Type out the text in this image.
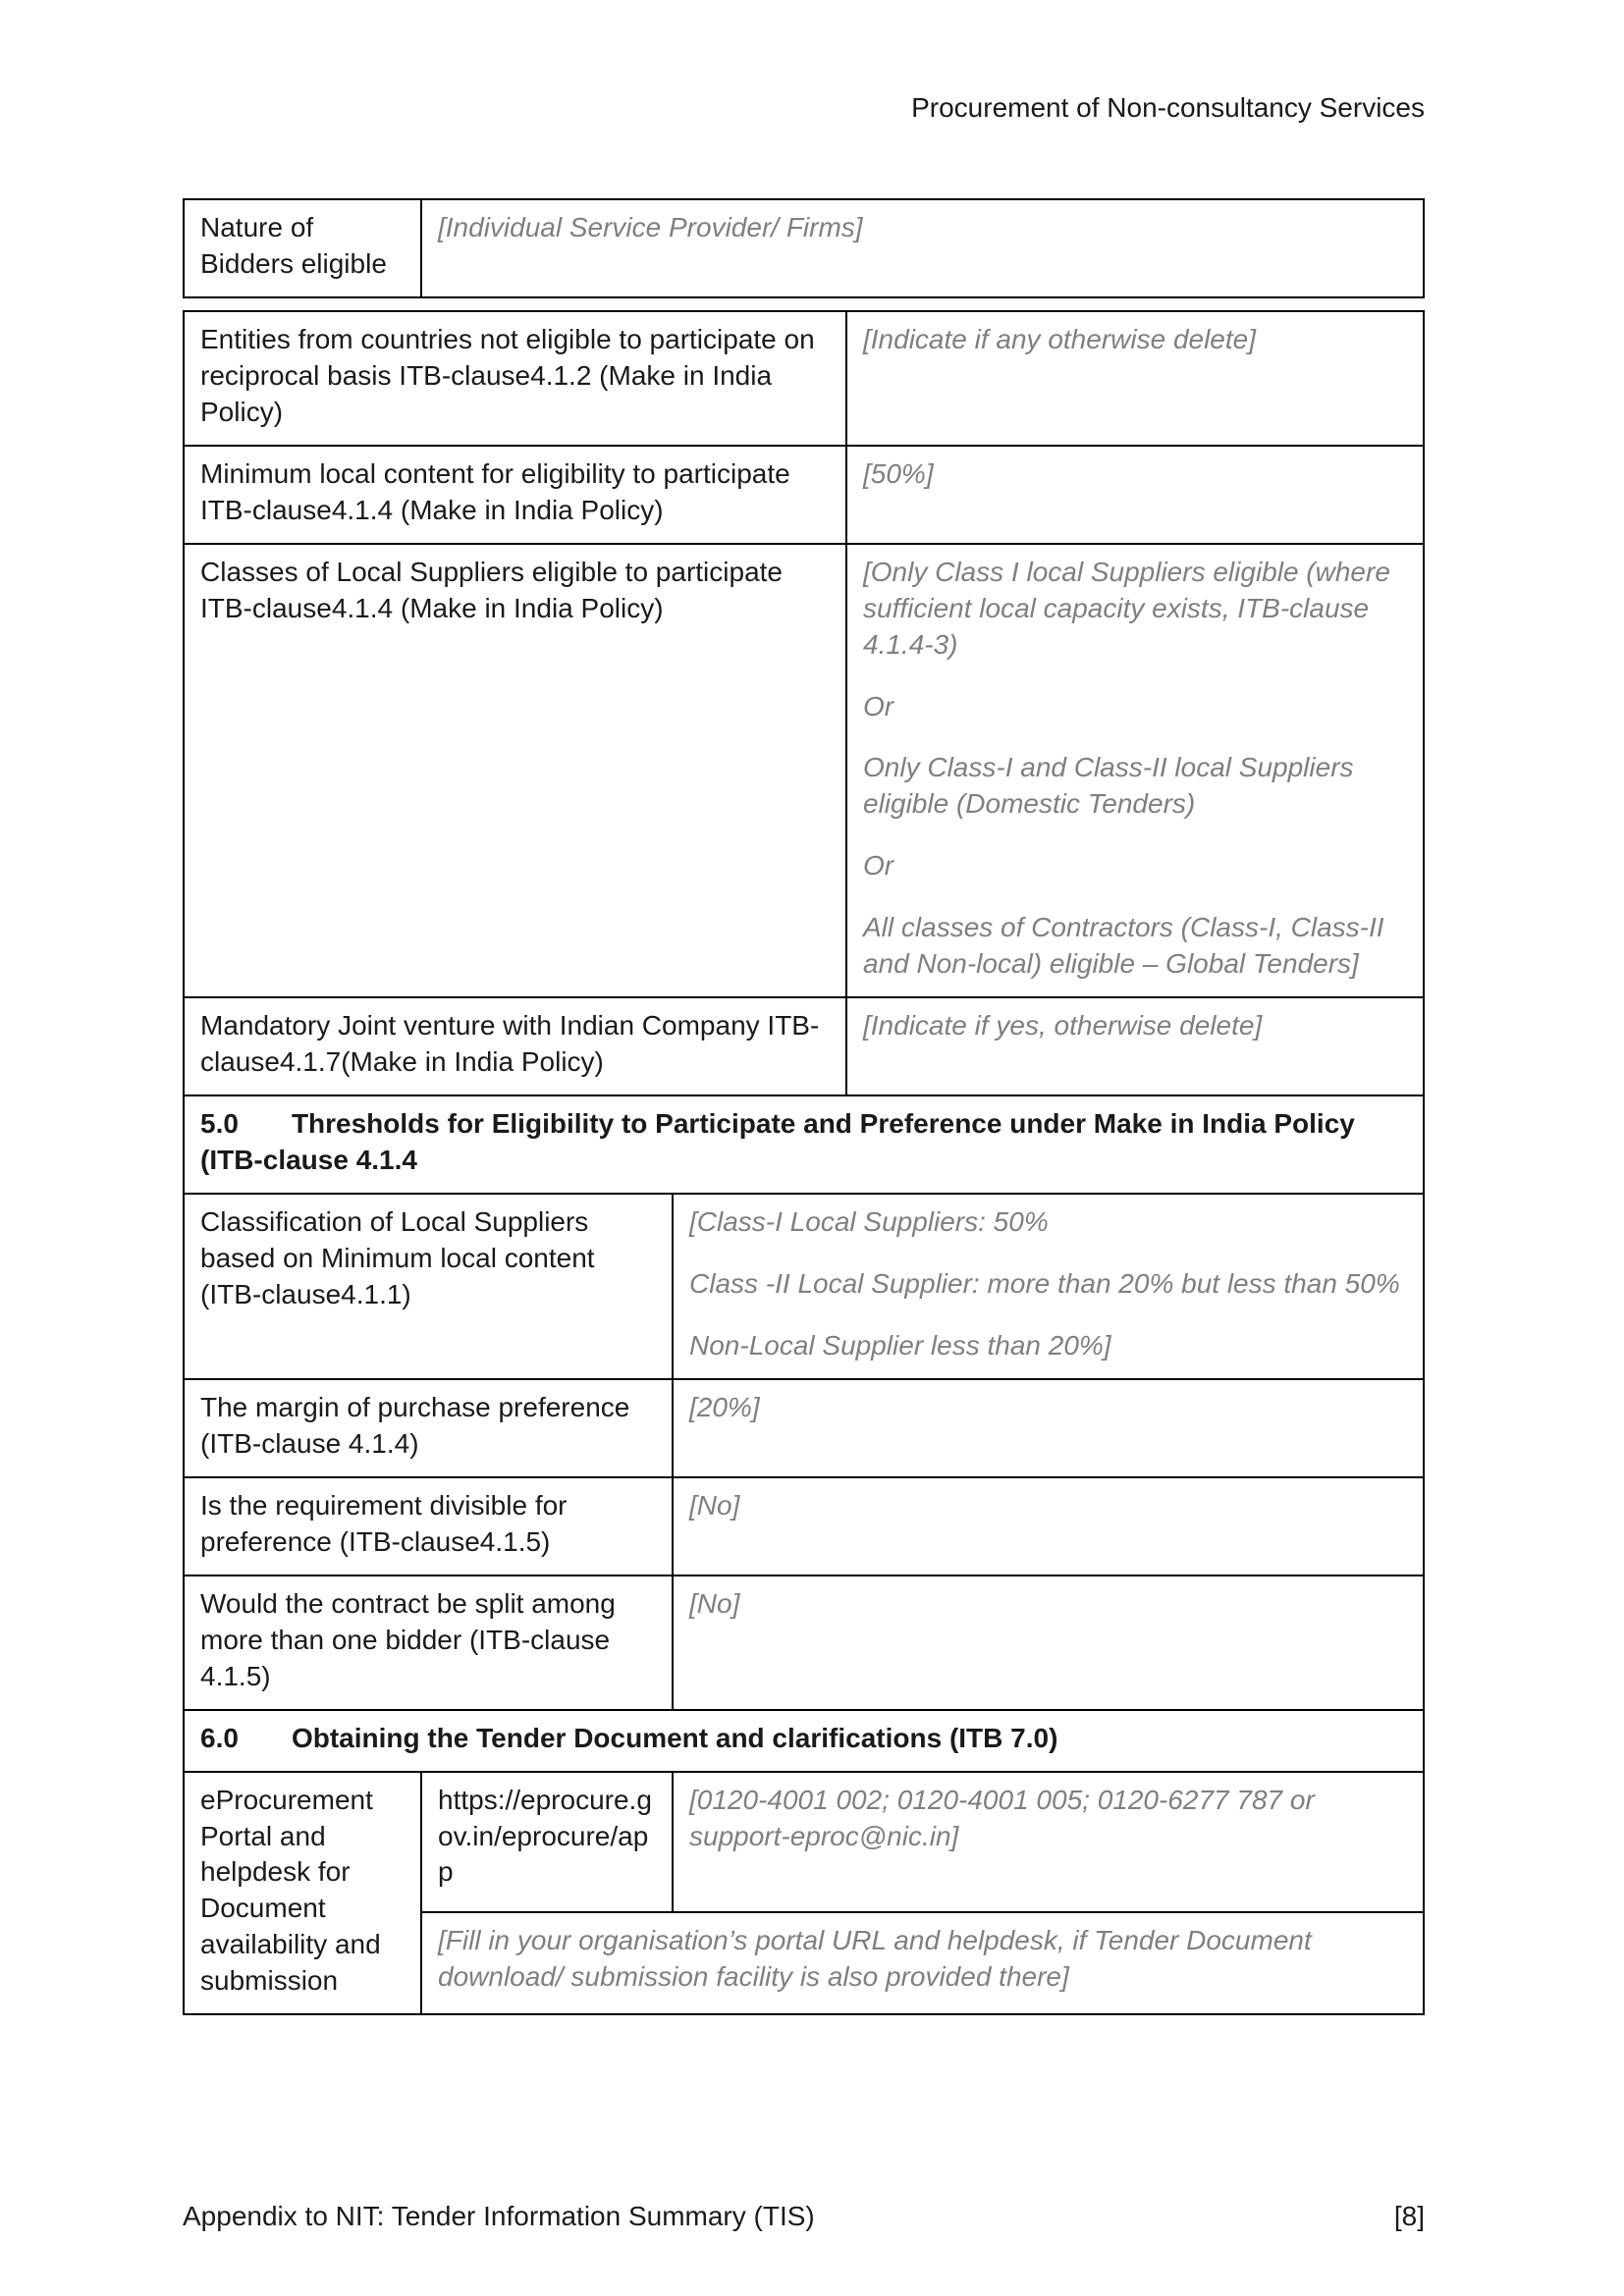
Procurement of Non-consultancy Services
Nature of Bidders eligible	[Individual Service Provider/ Firms]
Entities from countries not eligible to participate on reciprocal basis ITB-clause4.1.2 (Make in India Policy)			[Indicate if any otherwise delete]
Minimum local content for eligibility to participate ITB-clause4.1.4 (Make in India Policy)			[50%]
Classes of Local Suppliers eligible to participate ITB-clause4.1.4 (Make in India Policy)			[Only Class I local Suppliers eligible (where sufficient local capacity exists, ITB-clause 4.1.4-3)

Or

Only Class-I and Class-II local Suppliers eligible (Domestic Tenders)

Or

All classes of Contractors (Class-I, Class-II and Non-local) eligible – Global Tenders]

Mandatory Joint venture with Indian Company ITB-clause4.1.7(Make in India Policy)			[Indicate if yes, otherwise delete]
5.0 Thresholds for Eligibility to Participate and Preference under Make in India Policy (ITB-clause 4.1.4			
Classification of Local Suppliers based on Minimum local content (ITB-clause4.1.1)		[Class-I Local Suppliers: 50%

Class -II Local Supplier: more than 20% but less than 50%

Non-Local Supplier less than 20%]	

The margin of purchase preference (ITB-clause 4.1.4)		[20%]	
Is the requirement divisible for preference (ITB-clause4.1.5)		[No]	
Would the contract be split among more than one bidder (ITB-clause 4.1.5)		[No]	
6.0 Obtaining the Tender Document and clarifications (ITB 7.0)			
eProcurement Portal and helpdesk for Document availability and submission	https://eprocure.gov.in/eprocure/app	[0120-4001 002; 0120-4001 005; 0120-6277 787 or support-eproc@nic.in]	
	[Fill in your organisation’s portal URL and helpdesk, if Tender Document download/ submission facility is also provided there]		
Appendix to NIT: Tender Information Summary (TIS)	[8]
